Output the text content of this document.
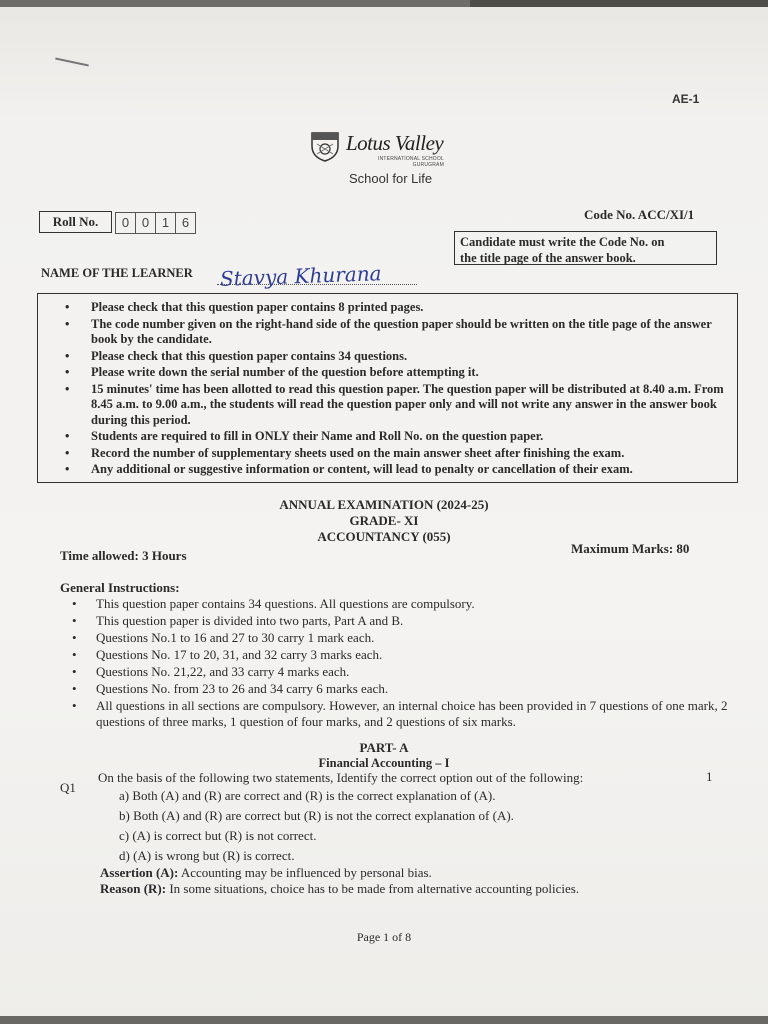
AE-1
Lotus Valley
INTERNATIONAL SCHOOL
GURUGRAM
School for Life
Roll No.	0 0 1 6
Code No. ACC/XI/1
Candidate must write the Code No. on
the title page of the answer book.
NAME OF THE LEARNER Stavya Khurana
• Please check that this question paper contains 8 printed pages.
• The code number given on the right-hand side of the question paper should be written on the title page of the answer book by the candidate.
• Please check that this question paper contains 34 questions.
• Please write down the serial number of the question before attempting it.
• 15 minutes' time has been allotted to read this question paper. The question paper will be distributed at 8.40 a.m. From 8.45 a.m. to 9.00 a.m., the students will read the question paper only and will not write any answer in the answer book during this period.
• Students are required to fill in ONLY their Name and Roll No. on the question paper.
• Record the number of supplementary sheets used on the main answer sheet after finishing the exam.
• Any additional or suggestive information or content, will lead to penalty or cancellation of their exam.
ANNUAL EXAMINATION (2024-25)
GRADE- XI
ACCOUNTANCY (055)
Time allowed: 3 Hours	Maximum Marks: 80
General Instructions:
• This question paper contains 34 questions. All questions are compulsory.
• This question paper is divided into two parts, Part A and B.
• Questions No.1 to 16 and 27 to 30 carry 1 mark each.
• Questions No. 17 to 20, 31, and 32 carry 3 marks each.
• Questions No. 21,22, and 33 carry 4 marks each.
• Questions No. from 23 to 26 and 34 carry 6 marks each.
• All questions in all sections are compulsory. However, an internal choice has been provided in 7 questions of one mark, 2 questions of three marks, 1 question of four marks, and 2 questions of six marks.
PART- A
Financial Accounting – I
Q1
On the basis of the following two statements, Identify the correct option out of the following:	1
a) Both (A) and (R) are correct and (R) is the correct explanation of (A).
b) Both (A) and (R) are correct but (R) is not the correct explanation of (A).
c) (A) is correct but (R) is not correct.
d) (A) is wrong but (R) is correct.
Assertion (A): Accounting may be influenced by personal bias.
Reason (R): In some situations, choice has to be made from alternative accounting policies.
Page 1 of 8
